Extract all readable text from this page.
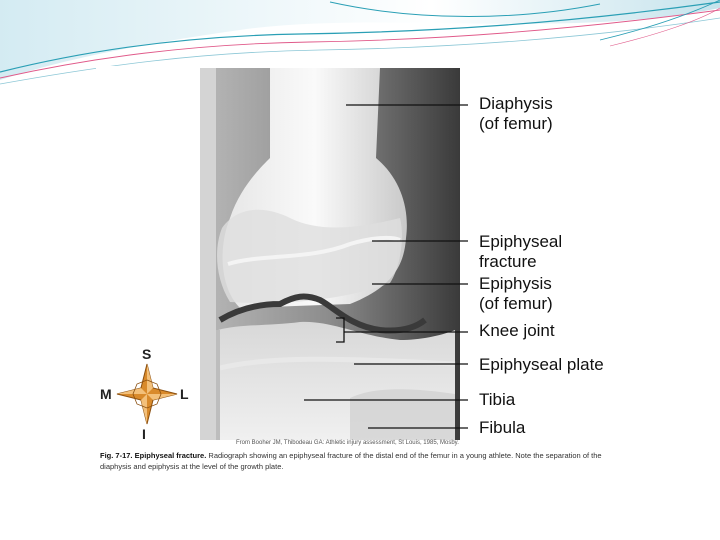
Diaphysis
(of femur)
Epiphyseal
fracture
Epiphysis
(of femur)
Knee joint
Epiphyseal plate
Tibia
Fibula
S
I
M	L
From Booher JM, Thibodeau GA: Athletic injury assessment, St Louis, 1985, Mosby.
Fig. 7-17. Epiphyseal fracture. Radiograph showing an epiphyseal fracture of the distal end of the femur in a young athlete. Note the separation of the diaphysis and epiphysis at the level of the growth plate.
